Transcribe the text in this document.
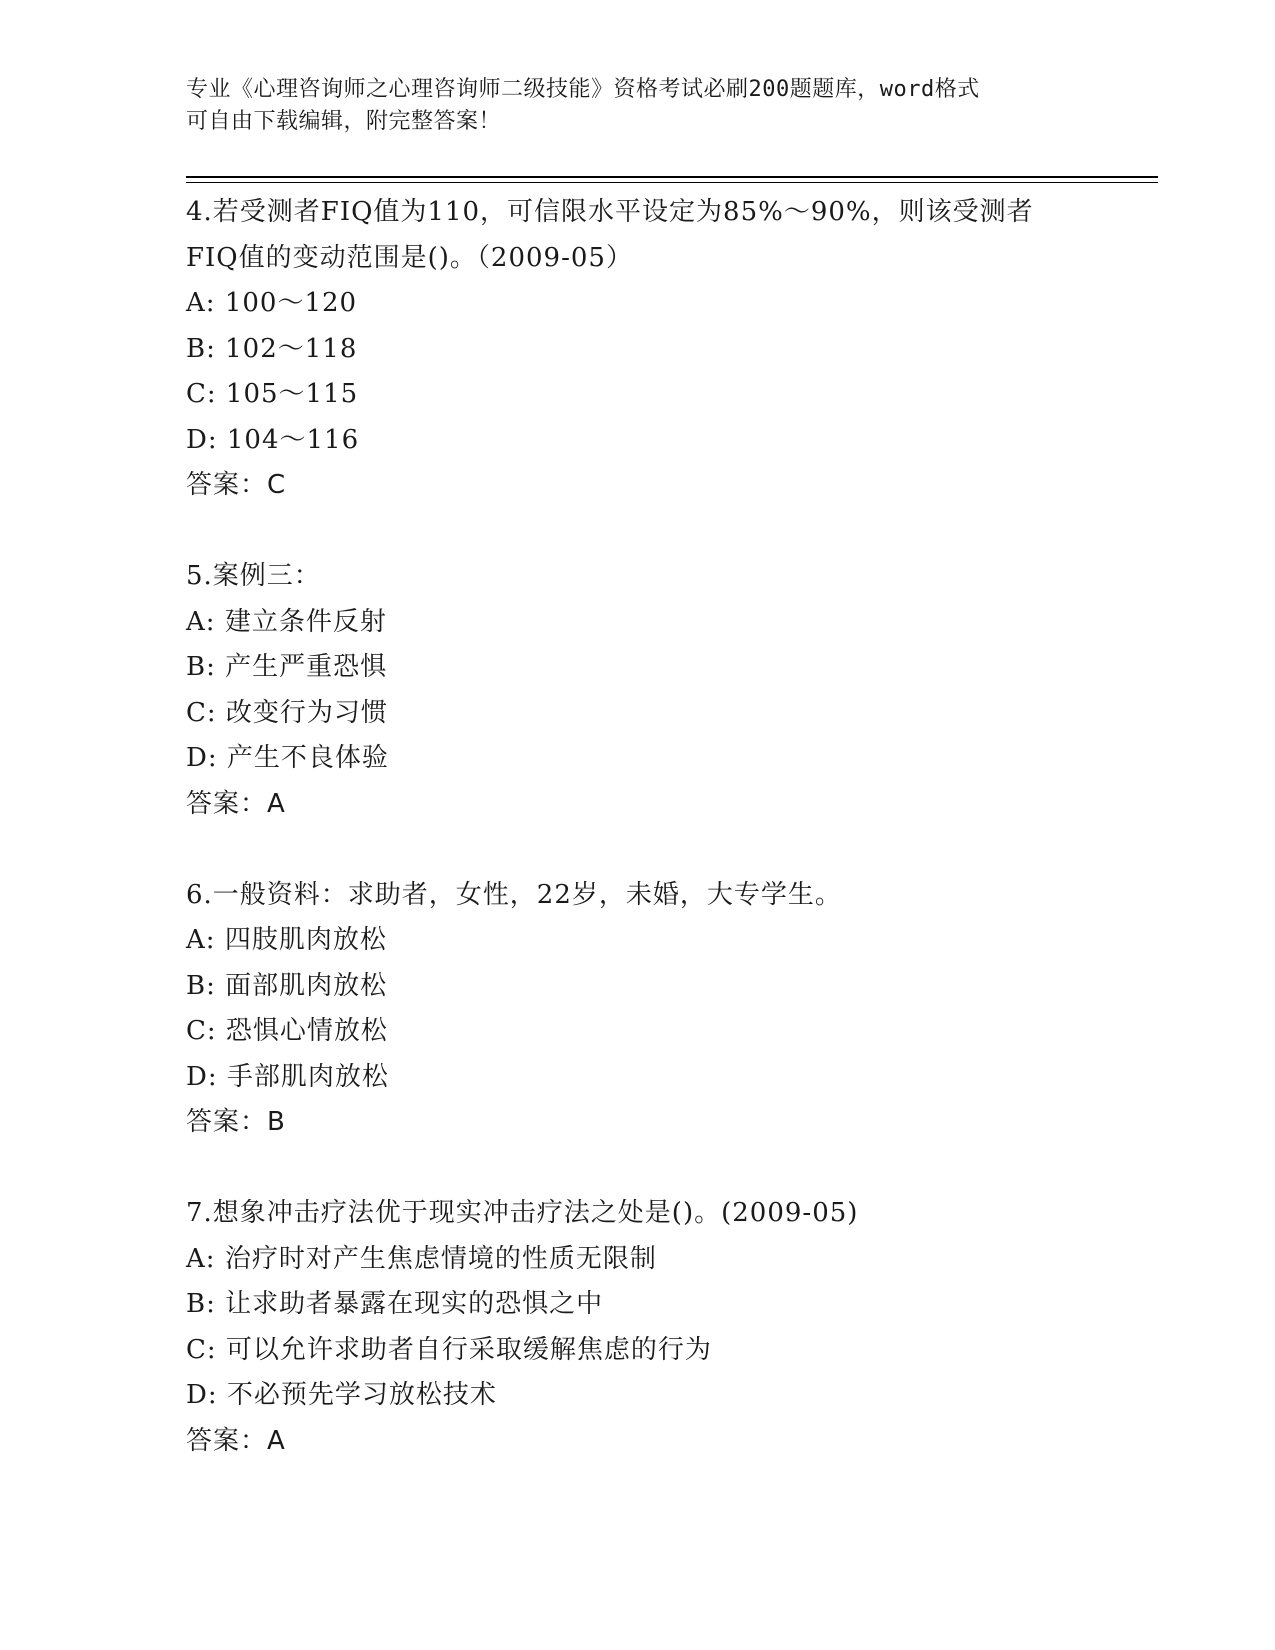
专业《心理咨询师之心理咨询师二级技能》资格考试必刷200题题库，word格式
可自由下载编辑，附完整答案！
4.若受测者FIQ值为110，可信限水平设定为85%～90%，则该受测者
FIQ值的变动范围是()。（2009-05）
A: 100～120
B: 102～118
C: 105～115
D: 104～116
答案：C
5.案例三：
A: 建立条件反射
B: 产生严重恐惧
C: 改变行为习惯
D: 产生不良体验
答案：A
6.一般资料：求助者，女性，22岁，未婚，大专学生。
A: 四肢肌肉放松
B: 面部肌肉放松
C: 恐惧心情放松
D: 手部肌肉放松
答案：B
7.想象冲击疗法优于现实冲击疗法之处是()。(2009-05)
A: 治疗时对产生焦虑情境的性质无限制
B: 让求助者暴露在现实的恐惧之中
C: 可以允许求助者自行采取缓解焦虑的行为
D: 不必预先学习放松技术
答案：A
